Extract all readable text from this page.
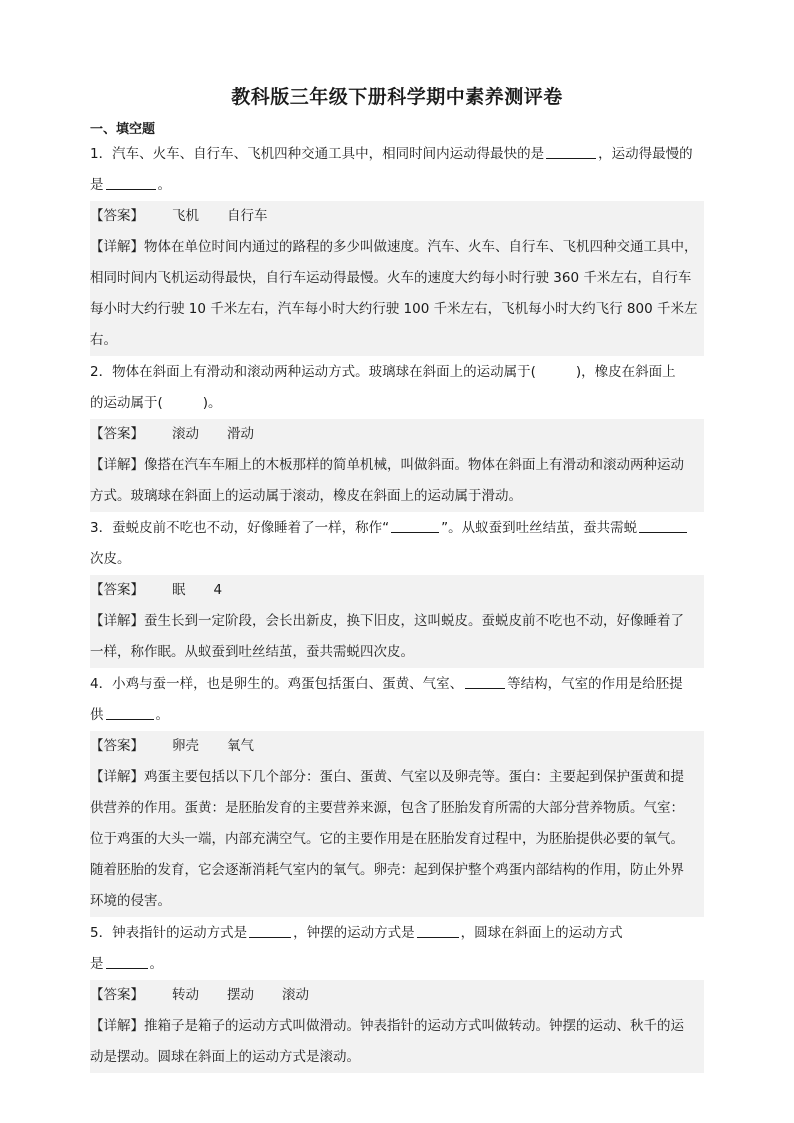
教科版三年级下册科学期中素养测评卷
一、填空题
1．汽车、火车、自行车、飞机四种交通工具中，相同时间内运动得最快的是	，运动得最慢的
是	。
【答案】 飞机 自行车
【详解】物体在单位时间内通过的路程的多少叫做速度。汽车、火车、自行车、飞机四种交通工具中，
相同时间内飞机运动得最快，自行车运动得最慢。火车的速度大约每小时行驶 360 千米左右，自行车
每小时大约行驶 10 千米左右，汽车每小时大约行驶 100 千米左右，飞机每小时大约飞行 800 千米左
右。
2．物体在斜面上有滑动和滚动两种运动方式。玻璃球在斜面上的运动属于(	)，橡皮在斜面上
的运动属于(	)。
【答案】 滚动 滑动
【详解】像搭在汽车车厢上的木板那样的简单机械，叫做斜面。物体在斜面上有滑动和滚动两种运动
方式。玻璃球在斜面上的运动属于滚动，橡皮在斜面上的运动属于滑动。
3．蚕蜕皮前不吃也不动，好像睡着了一样，称作“	”。从蚁蚕到吐丝结茧，蚕共需蜕
次皮。
【答案】 眠 4
【详解】蚕生长到一定阶段，会长出新皮，换下旧皮，这叫蜕皮。蚕蜕皮前不吃也不动，好像睡着了
一样，称作眠。从蚁蚕到吐丝结茧，蚕共需蜕四次皮。
4．小鸡与蚕一样，也是卵生的。鸡蛋包括蛋白、蛋黄、气室、	等结构，气室的作用是给胚提
供	。
【答案】 卵壳 氧气
【详解】鸡蛋主要包括以下几个部分：蛋白、蛋黄、气室以及卵壳等。蛋白：主要起到保护蛋黄和提
供营养的作用。蛋黄：是胚胎发育的主要营养来源，包含了胚胎发育所需的大部分营养物质。气室：
位于鸡蛋的大头一端，内部充满空气。它的主要作用是在胚胎发育过程中，为胚胎提供必要的氧气。
随着胚胎的发育，它会逐渐消耗气室内的氧气。卵壳：起到保护整个鸡蛋内部结构的作用，防止外界
环境的侵害。
5．钟表指针的运动方式是	，钟摆的运动方式是	，圆球在斜面上的运动方式
是	。
【答案】 转动 摆动 滚动
【详解】推箱子是箱子的运动方式叫做滑动。钟表指针的运动方式叫做转动。钟摆的运动、秋千的运
动是摆动。圆球在斜面上的运动方式是滚动。
